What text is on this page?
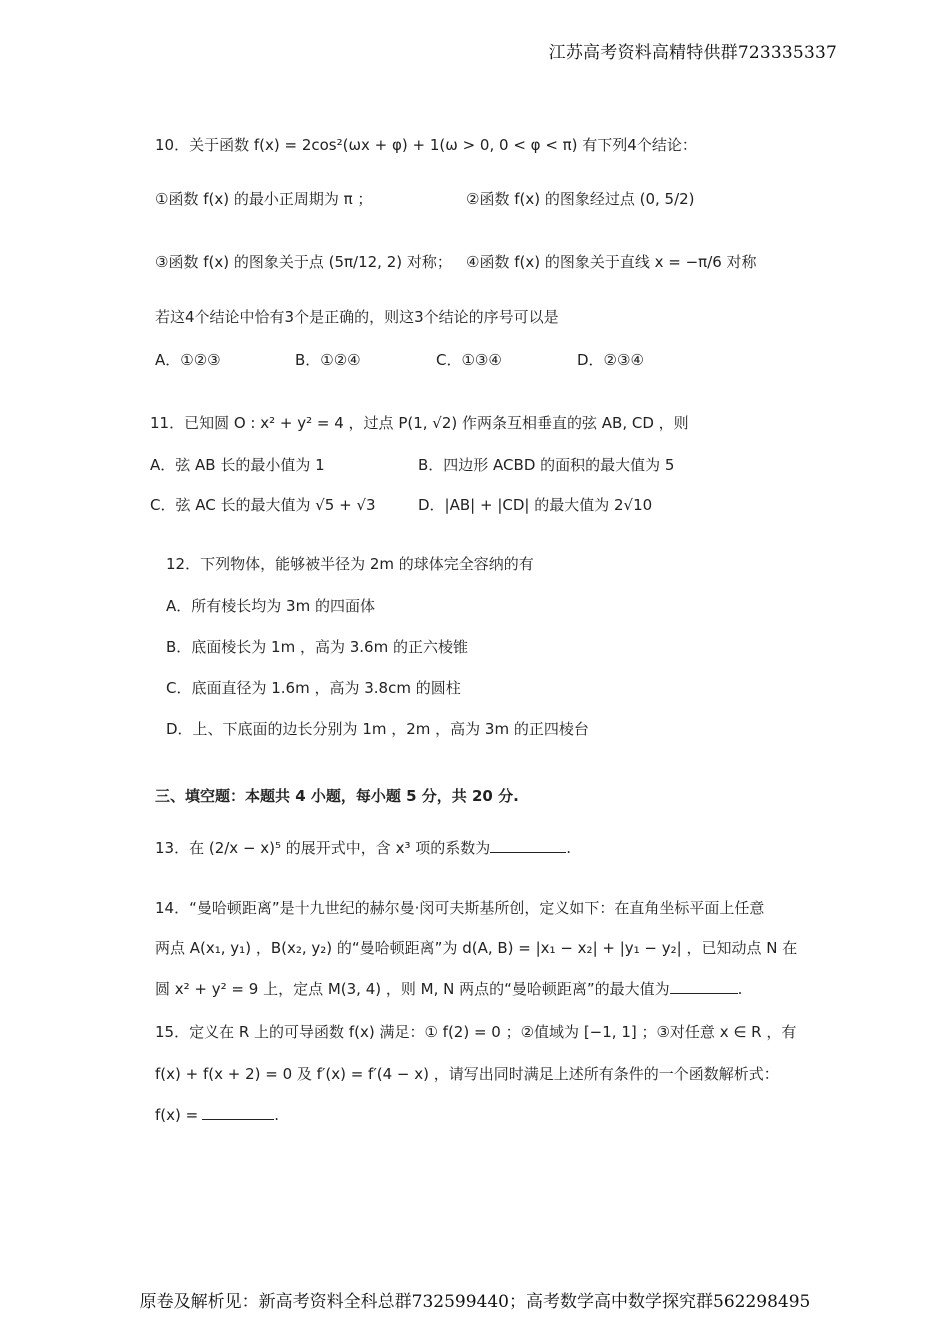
江苏高考资料高精特供群723335337
10．关于函数 f(x) = 2cos²(ωx + φ) + 1(ω > 0, 0 < φ < π) 有下列4个结论：
①函数 f(x) 的最小正周期为 π ；	②函数 f(x) 的图象经过点 (0, 5/2)
③函数 f(x) 的图象关于点 (5π/12, 2) 对称； ④函数 f(x) 的图象关于直线 x = −π/6 对称
若这4个结论中恰有3个是正确的，则这3个结论的序号可以是
A．①②③	B．①②④	C．①③④	D．②③④
11．已知圆 O : x² + y² = 4 ，过点 P(1, √2) 作两条互相垂直的弦 AB, CD ，则
A．弦 AB 长的最小值为 1	B．四边形 ACBD 的面积的最大值为 5
C．弦 AC 长的最大值为 √5 + √3	D．|AB| + |CD| 的最大值为 2√10
12．下列物体，能够被半径为 2m 的球体完全容纳的有
A．所有棱长均为 3m 的四面体
B．底面棱长为 1m ，高为 3.6m 的正六棱锥
C．底面直径为 1.6m ，高为 3.8cm 的圆柱
D．上、下底面的边长分别为 1m ，2m ，高为 3m 的正四棱台
三、填空题：本题共 4 小题，每小题 5 分，共 20 分.
13．在 (2/x − x)⁵ 的展开式中，含 x³ 项的系数为	.
14．“曼哈顿距离”是十九世纪的赫尔曼·闵可夫斯基所创，定义如下：在直角坐标平面上任意
两点 A(x₁, y₁) ，B(x₂, y₂) 的“曼哈顿距离”为 d(A, B) = |x₁ − x₂| + |y₁ − y₂| ，已知动点 N 在
圆 x² + y² = 9 上，定点 M(3, 4) ，则 M, N 两点的“曼哈顿距离”的最大值为	.
15．定义在 R 上的可导函数 f(x) 满足：① f(2) = 0 ；②值域为 [−1, 1] ；③对任意 x ∈ R ，有
f(x) + f(x + 2) = 0 及 f′(x) = f′(4 − x) ，请写出同时满足上述所有条件的一个函数解析式：
f(x) =	.
原卷及解析见：新高考资料全科总群732599440；高考数学高中数学探究群562298495
